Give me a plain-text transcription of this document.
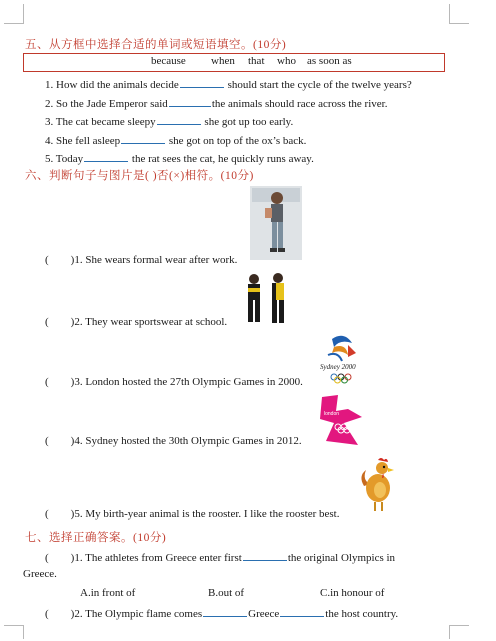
五、从方框中选择合适的单词或短语填空。(10分)
because when that who as soon as
1. How did the animals decide	should start the cycle of the twelve years?
2. So the Jade Emperor said	the animals should race across the river.
3. The cat became sleepy	she got up too early.
4. She fell asleep	she got on top of the ox’s back.
5. Today	the rat sees the cat, he quickly runs away.
六、判断句子与图片是( )否(×)相符。(10分)
( )1. She wears formal wear after work.
( )2. They wear sportswear at school.
Sydney 2000
( )3. London hosted the 27th Olympic Games in 2000.
london
( )4. Sydney hosted the 30th Olympic Games in 2012.
( )5. My birth-year animal is the rooster. I like the rooster best.
七、选择正确答案。(10分)
( )1. The athletes from Greece enter first	the original Olympics in
Greece.
A.in front of	B.out of	C.in honour of
( )2. The Olympic flame comes	Greece	the host country.
